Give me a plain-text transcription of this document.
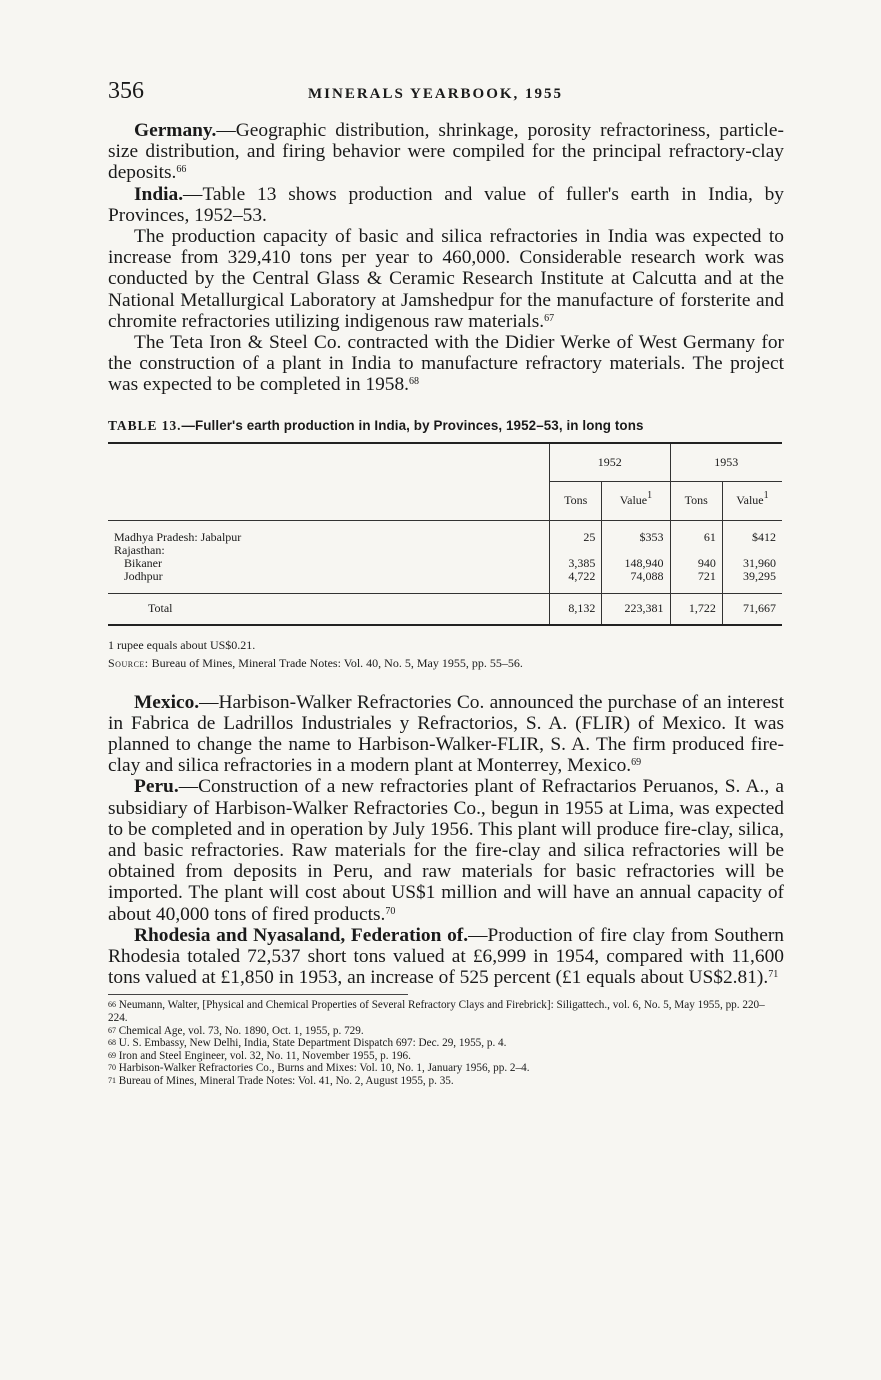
356	MINERALS YEARBOOK, 1955

Germany.—Geographic distribution, shrinkage, porosity refractoriness, particle-size distribution, and firing behavior were compiled for the principal refractory-clay deposits.$^{66}$

India.—Table 13 shows production and value of fuller's earth in India, by Provinces, 1952–53.

The production capacity of basic and silica refractories in India was expected to increase from 329,410 tons per year to 460,000. Considerable research work was conducted by the Central Glass & Ceramic Research Institute at Calcutta and at the National Metallurgical Laboratory at Jamshedpur for the manufacture of forsterite and chromite refractories utilizing indigenous raw materials.$^{67}$

The Teta Iron & Steel Co. contracted with the Didier Werke of West Germany for the construction of a plant in India to manufacture refractory materials. The project was expected to be completed in 1958.68

TABLE 13.—Fuller's earth production in India, by Provinces, 1952–53, in long tons
	1952		1953	
	Tons	Value$^1$	Tons	Value$^1$

Madhya Pradesh: Jabalpur	25	$353	61	$412
Rajasthan:				
Bikaner	3,385	148,940	940	31,960
Jodhpur	4,722	74,088	721	39,295

Total	8,132	223,381	1,722	71,667
1 rupee equals about US$0.21.
Source: Bureau of Mines, Mineral Trade Notes: Vol. 40, No. 5, May 1955, pp. 55–56.

Mexico.—Harbison-Walker Refractories Co. announced the purchase of an interest in Fabrica de Ladrillos Industriales y Refractorios, S. A. (FLIR) of Mexico. It was planned to change the name to Harbison-Walker-FLIR, S. A. The firm produced fire-clay and silica refractories in a modern plant at Monterrey, Mexico.$^{69}$

Peru.—Construction of a new refractories plant of Refractarios Peruanos, S. A., a subsidiary of Harbison-Walker Refractories Co., begun in 1955 at Lima, was expected to be completed and in operation by July 1956. This plant will produce fire-clay, silica, and basic refractories. Raw materials for the fire-clay and silica refractories will be obtained from deposits in Peru, and raw materials for basic refractories will be imported. The plant will cost about US$1 million and will have an annual capacity of about 40,000 tons of fired products.$^{70}$

Rhodesia and Nyasaland, Federation of.—Production of fire clay from Southern Rhodesia totaled 72,537 short tons valued at £6,999 in 1954, compared with 11,600 tons valued at £1,850 in 1953, an increase of 525 percent (£1 equals about US$2.81).$^{71}$

$^{66}$ Neumann, Walter, [Physical and Chemical Properties of Several Refractory Clays and Firebrick]: Siligattech., vol. 6, No. 5, May 1955, pp. 220–224.

$^{67}$ Chemical Age, vol. 73, No. 1890, Oct. 1, 1955, p. 729.

$^{68}$ U. S. Embassy, New Delhi, India, State Department Dispatch 697: Dec. 29, 1955, p. 4.

$^{69}$ Iron and Steel Engineer, vol. 32, No. 11, November 1955, p. 196.

$^{70}$ Harbison-Walker Refractories Co., Burns and Mixes: Vol. 10, No. 1, January 1956, pp. 2–4.

$^{71}$ Bureau of Mines, Mineral Trade Notes: Vol. 41, No. 2, August 1955, p. 35.
